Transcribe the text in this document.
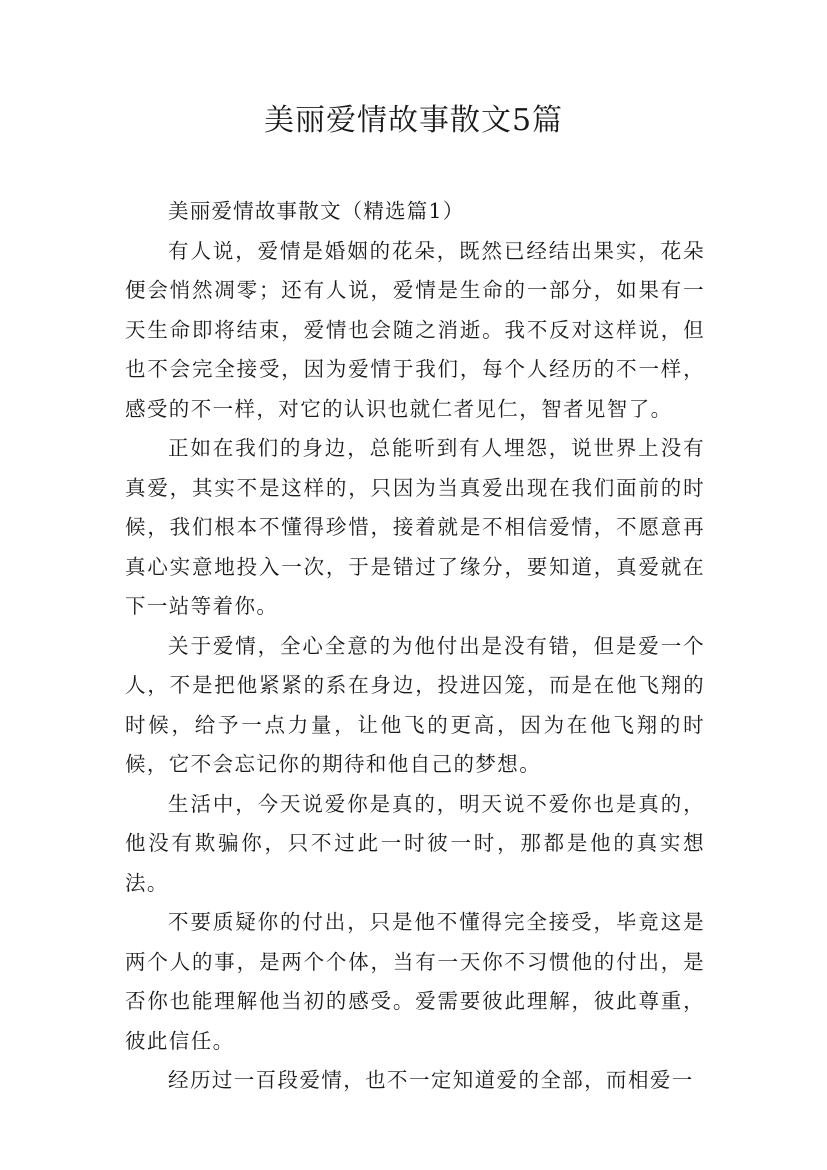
美丽爱情故事散文5篇

美丽爱情故事散文（精选篇1）

有人说，爱情是婚姻的花朵，既然已经结出果实，花朵便会悄然凋零；还有人说，爱情是生命的一部分，如果有一天生命即将结束，爱情也会随之消逝。我不反对这样说，但也不会完全接受，因为爱情于我们，每个人经历的不一样，感受的不一样，对它的认识也就仁者见仁，智者见智了。

正如在我们的身边，总能听到有人埋怨，说世界上没有真爱，其实不是这样的，只因为当真爱出现在我们面前的时候，我们根本不懂得珍惜，接着就是不相信爱情，不愿意再真心实意地投入一次，于是错过了缘分，要知道，真爱就在下一站等着你。

关于爱情，全心全意的为他付出是没有错，但是爱一个人，不是把他紧紧的系在身边，投进囚笼，而是在他飞翔的时候，给予一点力量，让他飞的更高，因为在他飞翔的时候，它不会忘记你的期待和他自己的梦想。

生活中，今天说爱你是真的，明天说不爱你也是真的，他没有欺骗你，只不过此一时彼一时，那都是他的真实想法。

不要质疑你的付出，只是他不懂得完全接受，毕竟这是两个人的事，是两个个体，当有一天你不习惯他的付出，是否你也能理解他当初的感受。爱需要彼此理解，彼此尊重，彼此信任。

经历过一百段爱情，也不一定知道爱的全部，而相爱一
